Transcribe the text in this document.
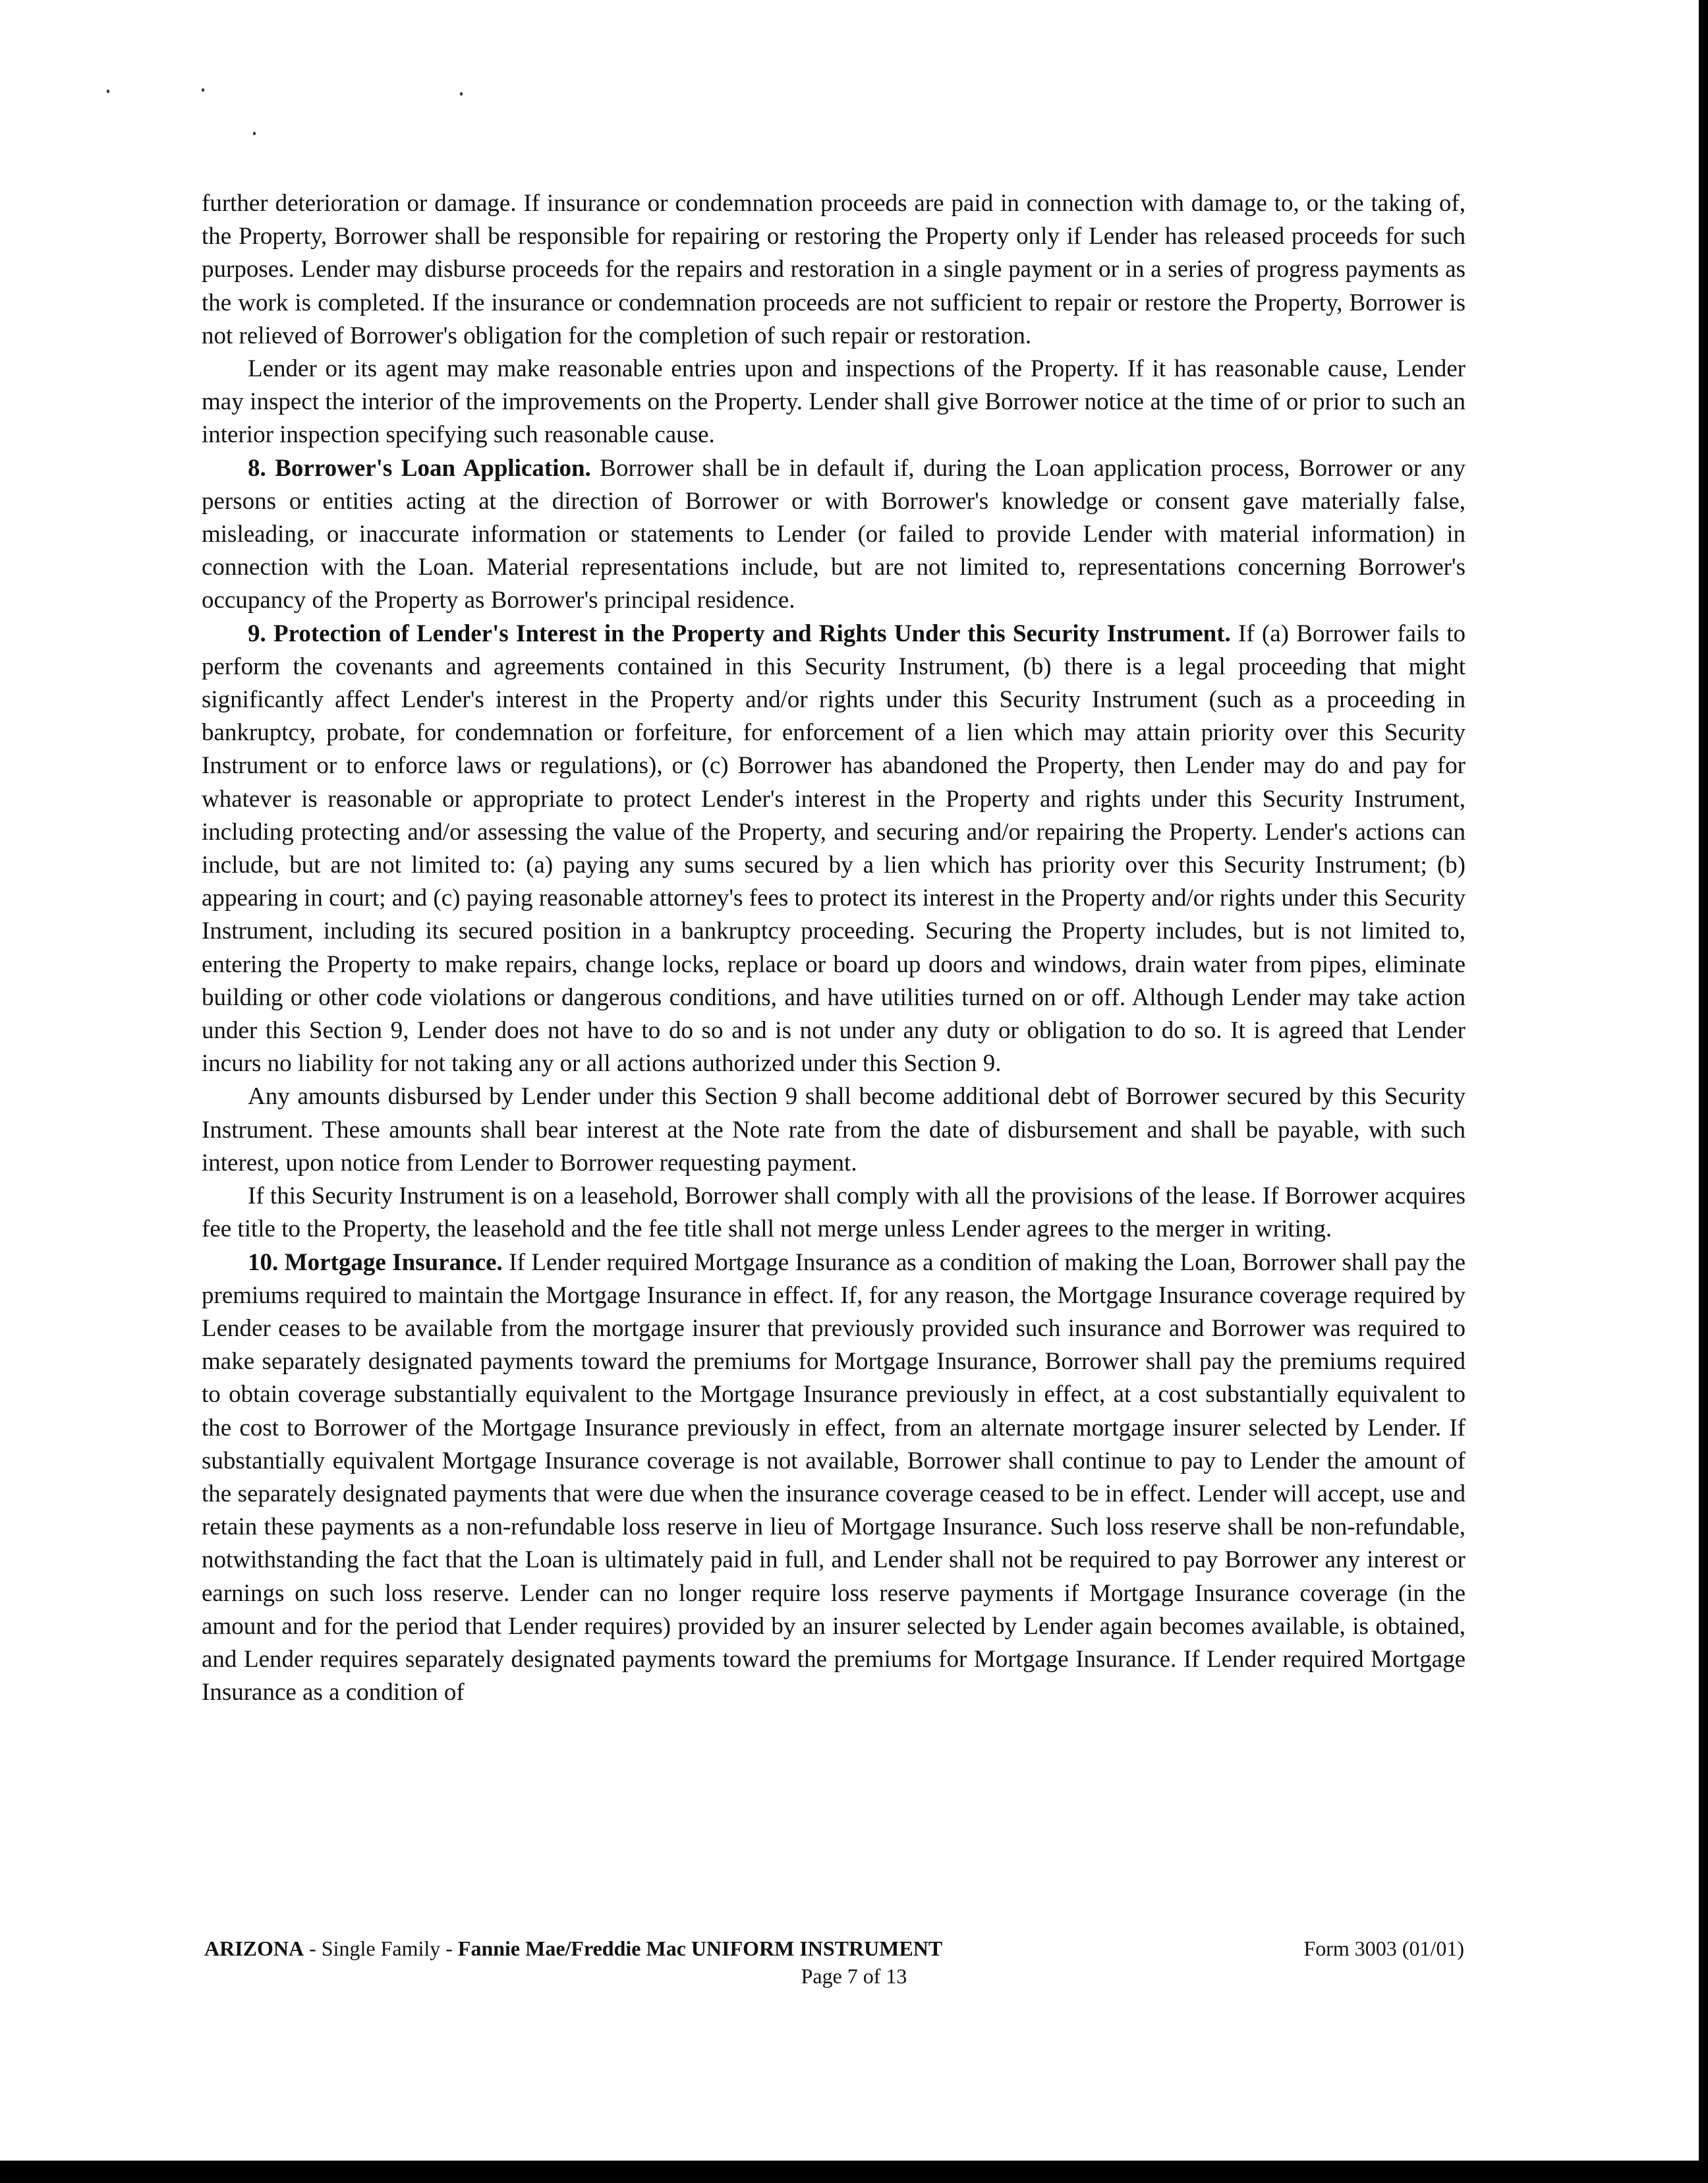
further deterioration or damage. If insurance or condemnation proceeds are paid in connection with damage to, or the taking of, the Property, Borrower shall be responsible for repairing or restoring the Property only if Lender has released proceeds for such purposes. Lender may disburse proceeds for the repairs and restoration in a single payment or in a series of progress payments as the work is completed. If the insurance or condemnation proceeds are not sufficient to repair or restore the Property, Borrower is not relieved of Borrower's obligation for the completion of such repair or restoration.

Lender or its agent may make reasonable entries upon and inspections of the Property. If it has reasonable cause, Lender may inspect the interior of the improvements on the Property. Lender shall give Borrower notice at the time of or prior to such an interior inspection specifying such reasonable cause.

8. Borrower's Loan Application. Borrower shall be in default if, during the Loan application process, Borrower or any persons or entities acting at the direction of Borrower or with Borrower's knowledge or consent gave materially false, misleading, or inaccurate information or statements to Lender (or failed to provide Lender with material information) in connection with the Loan. Material representations include, but are not limited to, representations concerning Borrower's occupancy of the Property as Borrower's principal residence.

9. Protection of Lender's Interest in the Property and Rights Under this Security Instrument. If (a) Borrower fails to perform the covenants and agreements contained in this Security Instrument, (b) there is a legal proceeding that might significantly affect Lender's interest in the Property and/or rights under this Security Instrument (such as a proceeding in bankruptcy, probate, for condemnation or forfeiture, for enforcement of a lien which may attain priority over this Security Instrument or to enforce laws or regulations), or (c) Borrower has abandoned the Property, then Lender may do and pay for whatever is reasonable or appropriate to protect Lender's interest in the Property and rights under this Security Instrument, including protecting and/or assessing the value of the Property, and securing and/or repairing the Property. Lender's actions can include, but are not limited to: (a) paying any sums secured by a lien which has priority over this Security Instrument; (b) appearing in court; and (c) paying reasonable attorney's fees to protect its interest in the Property and/or rights under this Security Instrument, including its secured position in a bankruptcy proceeding. Securing the Property includes, but is not limited to, entering the Property to make repairs, change locks, replace or board up doors and windows, drain water from pipes, eliminate building or other code violations or dangerous conditions, and have utilities turned on or off. Although Lender may take action under this Section 9, Lender does not have to do so and is not under any duty or obligation to do so. It is agreed that Lender incurs no liability for not taking any or all actions authorized under this Section 9.

Any amounts disbursed by Lender under this Section 9 shall become additional debt of Borrower secured by this Security Instrument. These amounts shall bear interest at the Note rate from the date of disbursement and shall be payable, with such interest, upon notice from Lender to Borrower requesting payment.

If this Security Instrument is on a leasehold, Borrower shall comply with all the provisions of the lease. If Borrower acquires fee title to the Property, the leasehold and the fee title shall not merge unless Lender agrees to the merger in writing.

10. Mortgage Insurance. If Lender required Mortgage Insurance as a condition of making the Loan, Borrower shall pay the premiums required to maintain the Mortgage Insurance in effect. If, for any reason, the Mortgage Insurance coverage required by Lender ceases to be available from the mortgage insurer that previously provided such insurance and Borrower was required to make separately designated payments toward the premiums for Mortgage Insurance, Borrower shall pay the premiums required to obtain coverage substantially equivalent to the Mortgage Insurance previously in effect, at a cost substantially equivalent to the cost to Borrower of the Mortgage Insurance previously in effect, from an alternate mortgage insurer selected by Lender. If substantially equivalent Mortgage Insurance coverage is not available, Borrower shall continue to pay to Lender the amount of the separately designated payments that were due when the insurance coverage ceased to be in effect. Lender will accept, use and retain these payments as a non-refundable loss reserve in lieu of Mortgage Insurance. Such loss reserve shall be non-refundable, notwithstanding the fact that the Loan is ultimately paid in full, and Lender shall not be required to pay Borrower any interest or earnings on such loss reserve. Lender can no longer require loss reserve payments if Mortgage Insurance coverage (in the amount and for the period that Lender requires) provided by an insurer selected by Lender again becomes available, is obtained, and Lender requires separately designated payments toward the premiums for Mortgage Insurance. If Lender required Mortgage Insurance as a condition of

ARIZONA - Single Family - Fannie Mae/Freddie Mac UNIFORM INSTRUMENT	Form 3003 (01/01)
Page 7 of 13
